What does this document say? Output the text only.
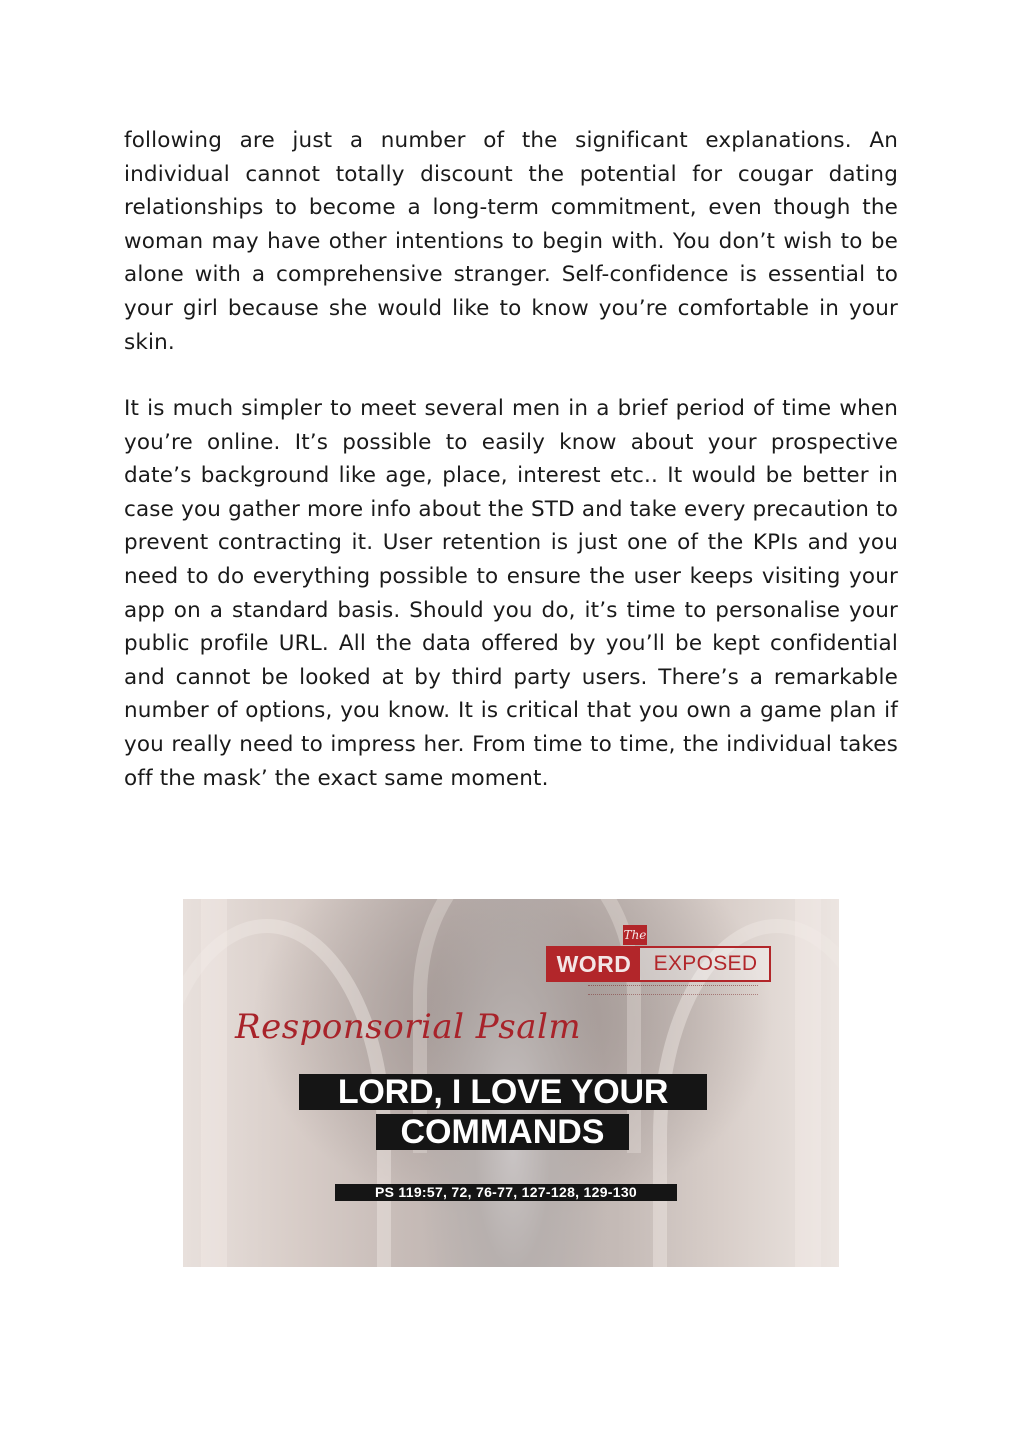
following are just a number of the significant explanations. An individual cannot totally discount the potential for cougar dating relationships to become a long-term commitment, even though the woman may have other intentions to begin with. You don’t wish to be alone with a comprehensive stranger. Self-confidence is essential to your girl because she would like to know you’re comfortable in your skin.

It is much simpler to meet several men in a brief period of time when you’re online. It’s possible to easily know about your prospective date’s background like age, place, interest etc.. It would be better in case you gather more info about the STD and take every precaution to prevent contracting it. User retention is just one of the KPIs and you need to do everything possible to ensure the user keeps visiting your app on a standard basis. Should you do, it’s time to personalise your public profile URL. All the data offered by you’ll be kept confidential and cannot be looked at by third party users. There’s a remarkable number of options, you know. It is critical that you own a game plan if you really need to impress her. From time to time, the individual takes off the mask’ the exact same moment.

The
WORD	EXPOSED
Responsorial Psalm
LORD, I LOVE YOUR
COMMANDS
PS 119:57, 72, 76-77, 127-128, 129-130
